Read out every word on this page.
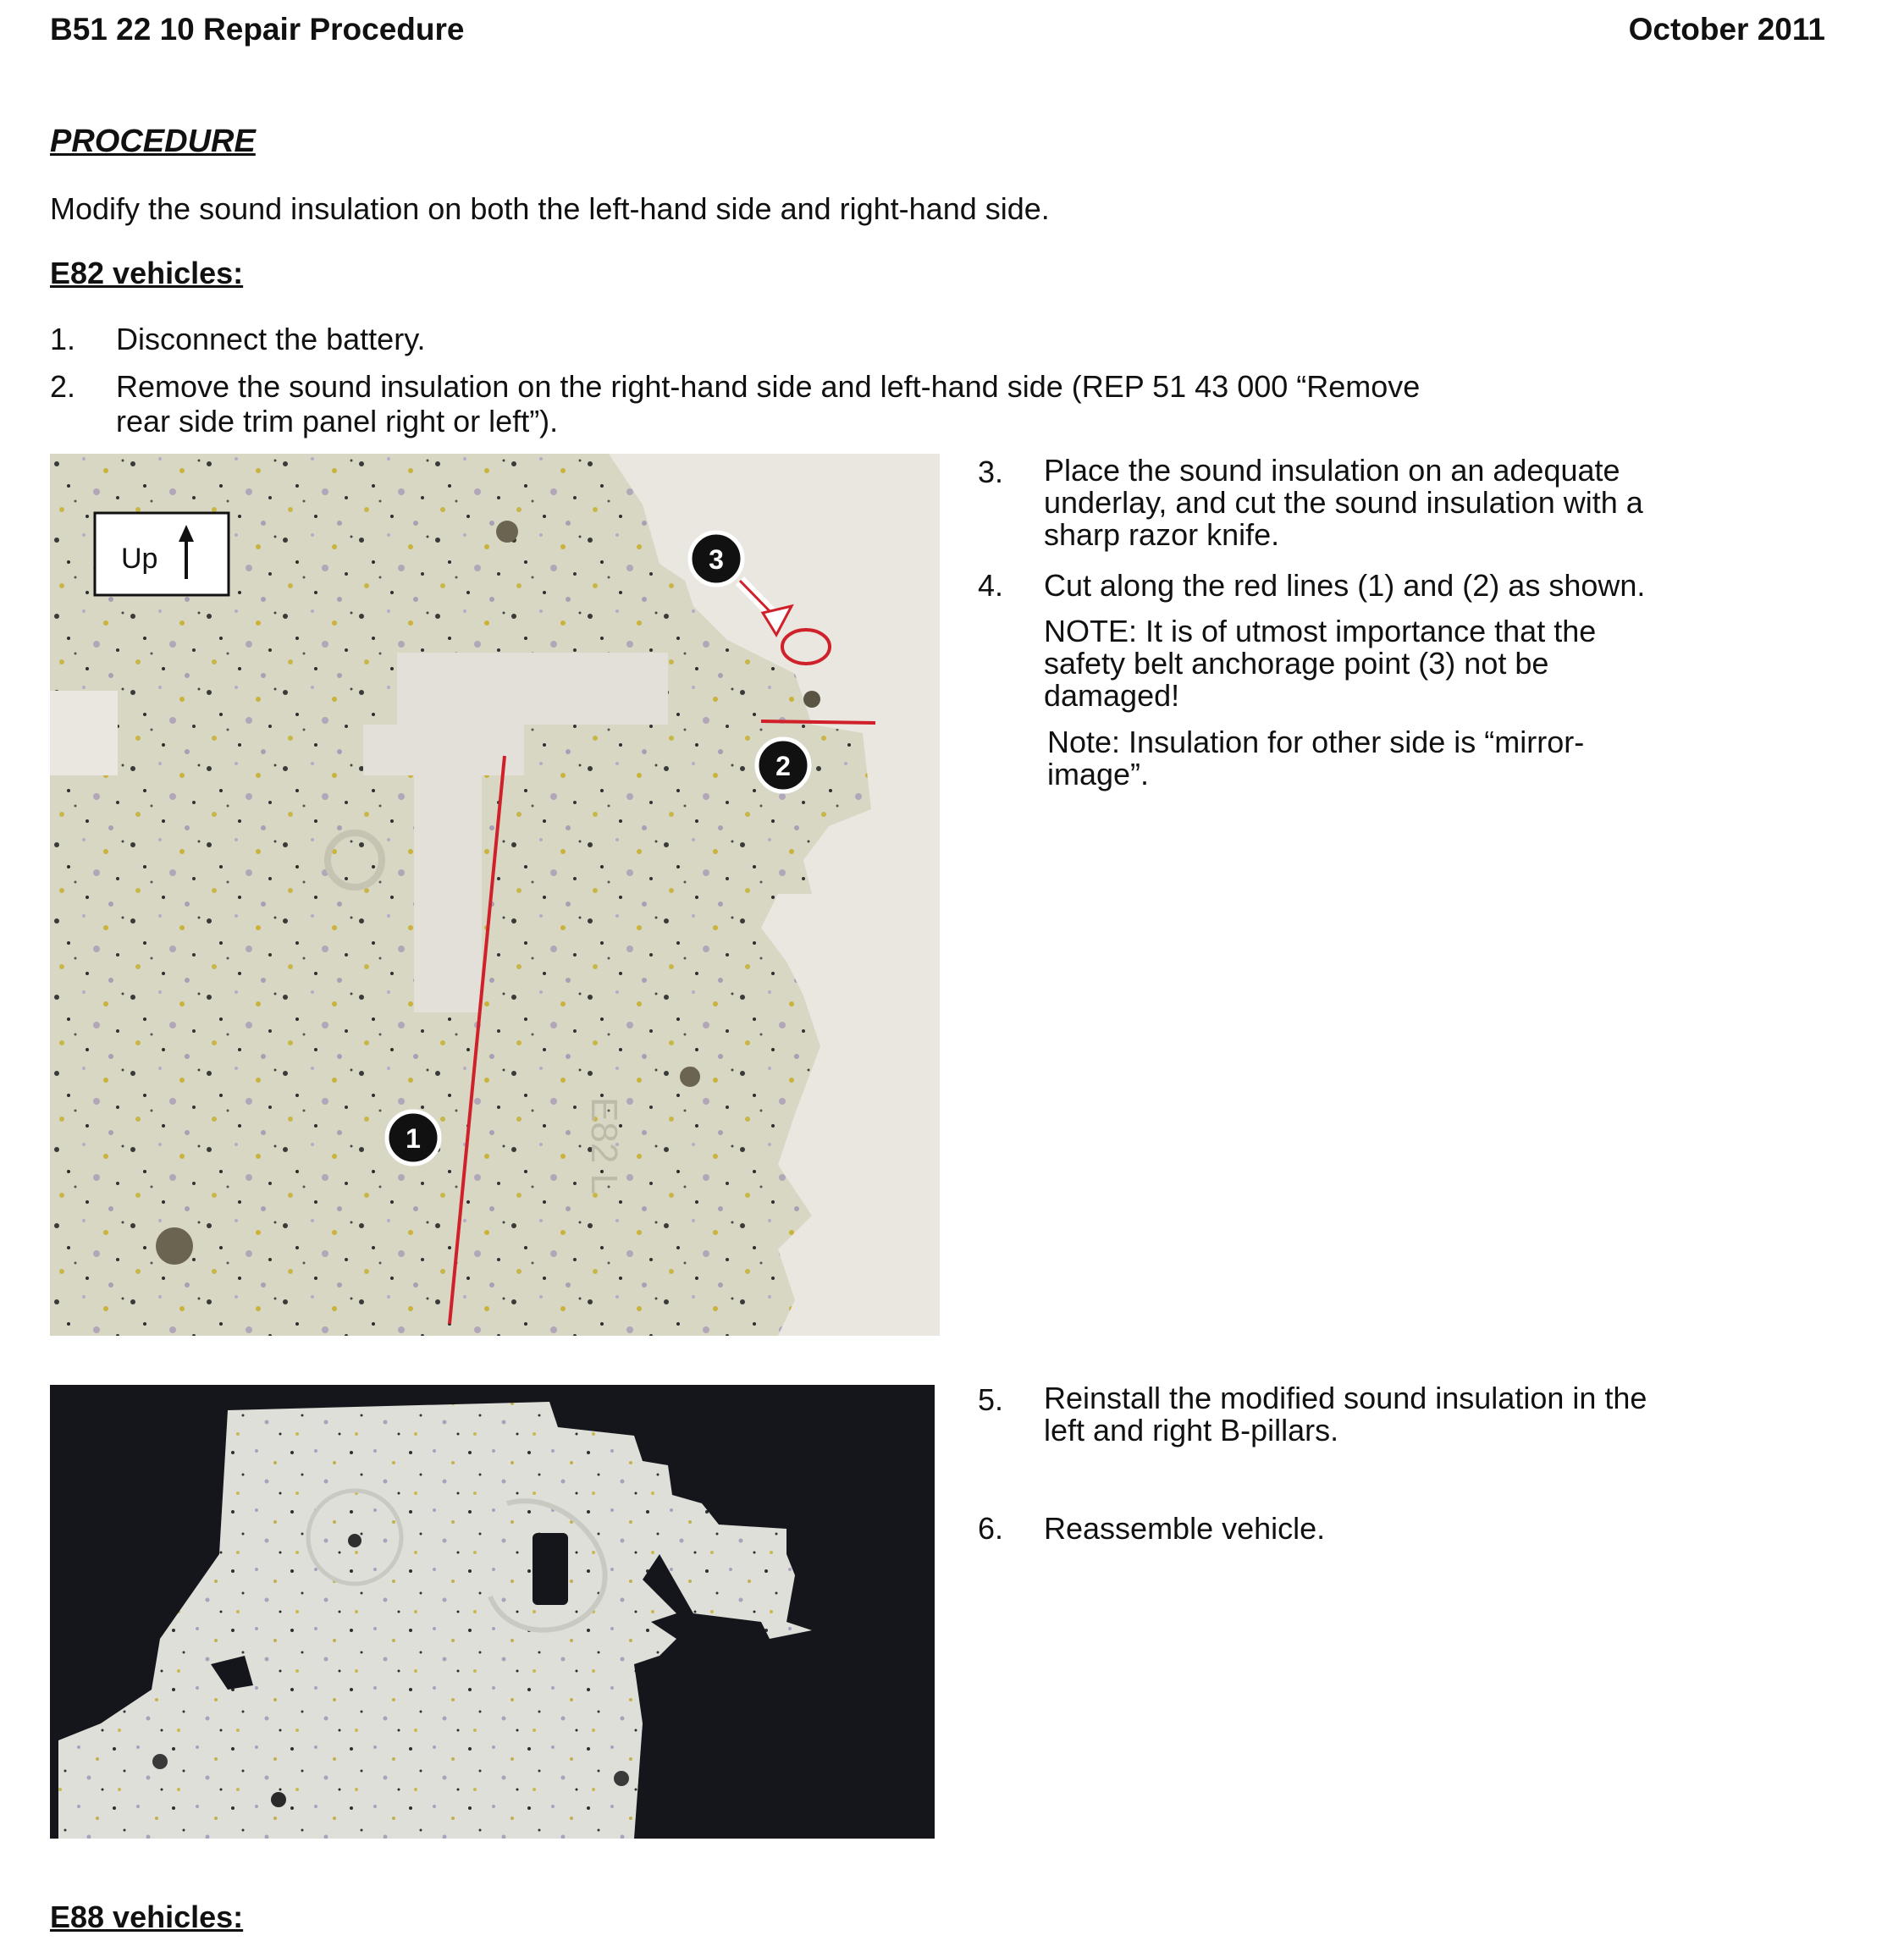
B51 22 10 Repair Procedure	October 2011
PROCEDURE
Modify the sound insulation on both the left-hand side and right-hand side.
E82 vehicles:
1. Disconnect the battery.
2. Remove the sound insulation on the right-hand side and left-hand side (REP 51 43 000 “Remove
rear side trim panel right or left”).
Up
1
2
3
E82 L
3. Place the sound insulation on an adequate
underlay, and cut the sound insulation with a
sharp razor knife.
4. Cut along the red lines (1) and (2) as shown.
NOTE: It is of utmost importance that the
safety belt anchorage point (3) not be
damaged!
Note: Insulation for other side is “mirror-
image”.
5. Reinstall the modified sound insulation in the
left and right B-pillars.
6. Reassemble vehicle.
E88 vehicles:
